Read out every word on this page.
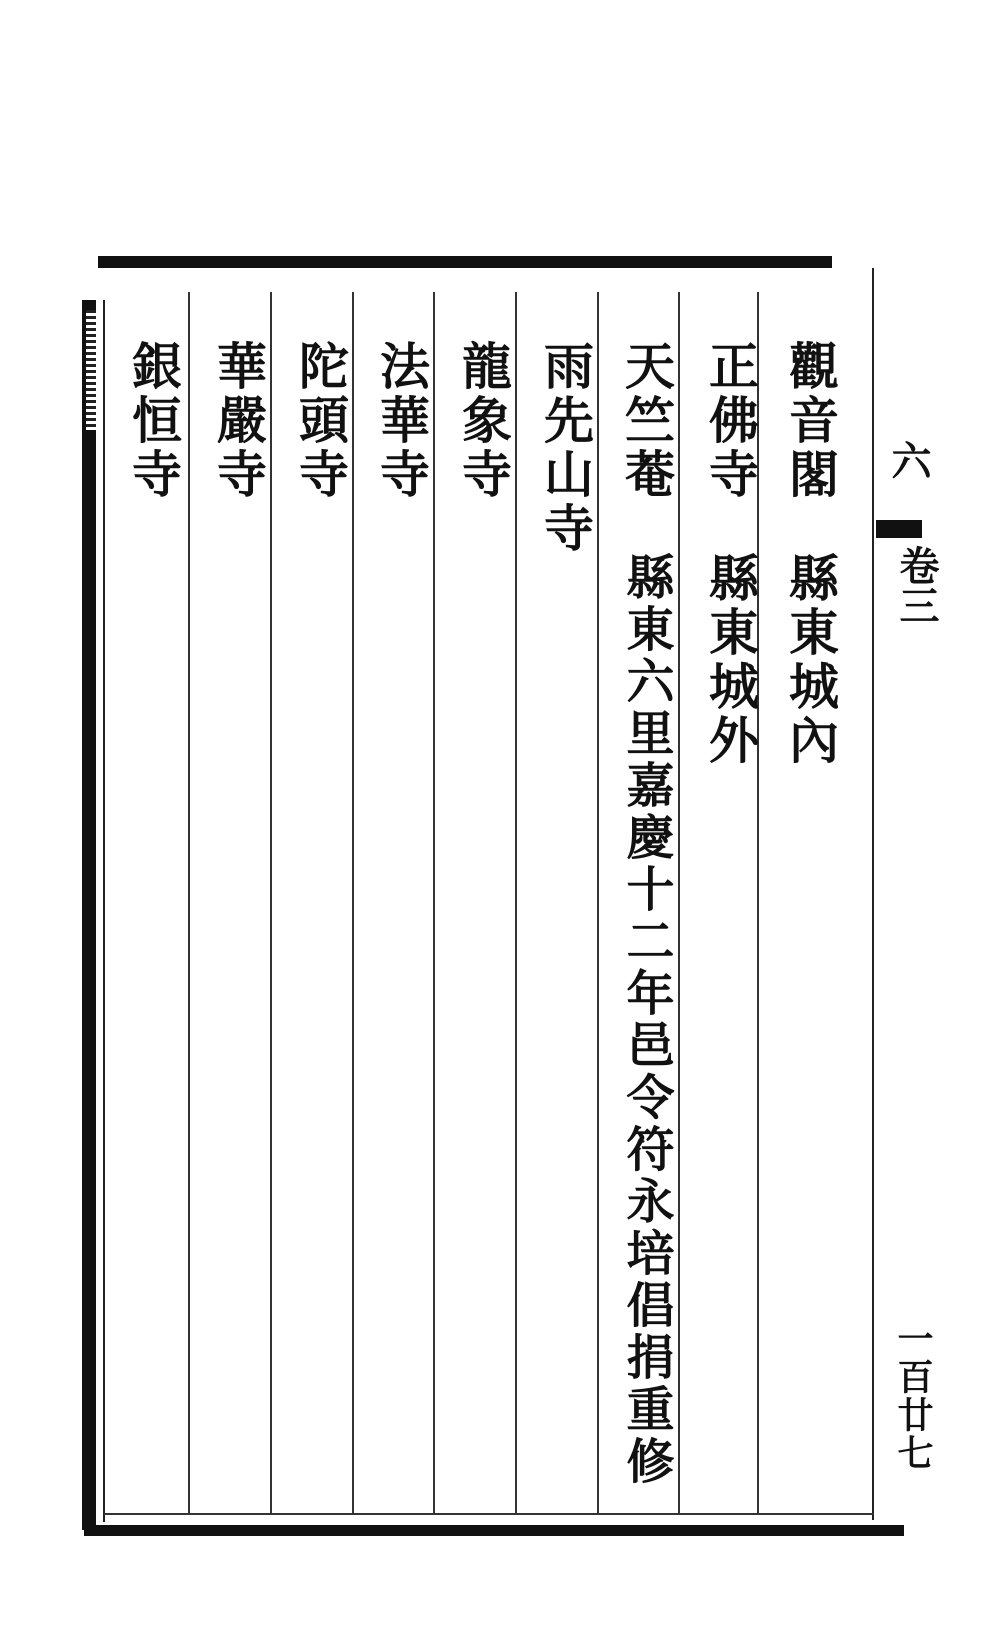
觀音閣
縣東城內
正佛寺
縣東城外
天竺菴
縣東六里嘉慶十二年邑令符永培倡捐重修
雨先山寺
龍象寺
法華寺
陀頭寺
華嚴寺
銀恒寺	六
卷三
一百廿七
